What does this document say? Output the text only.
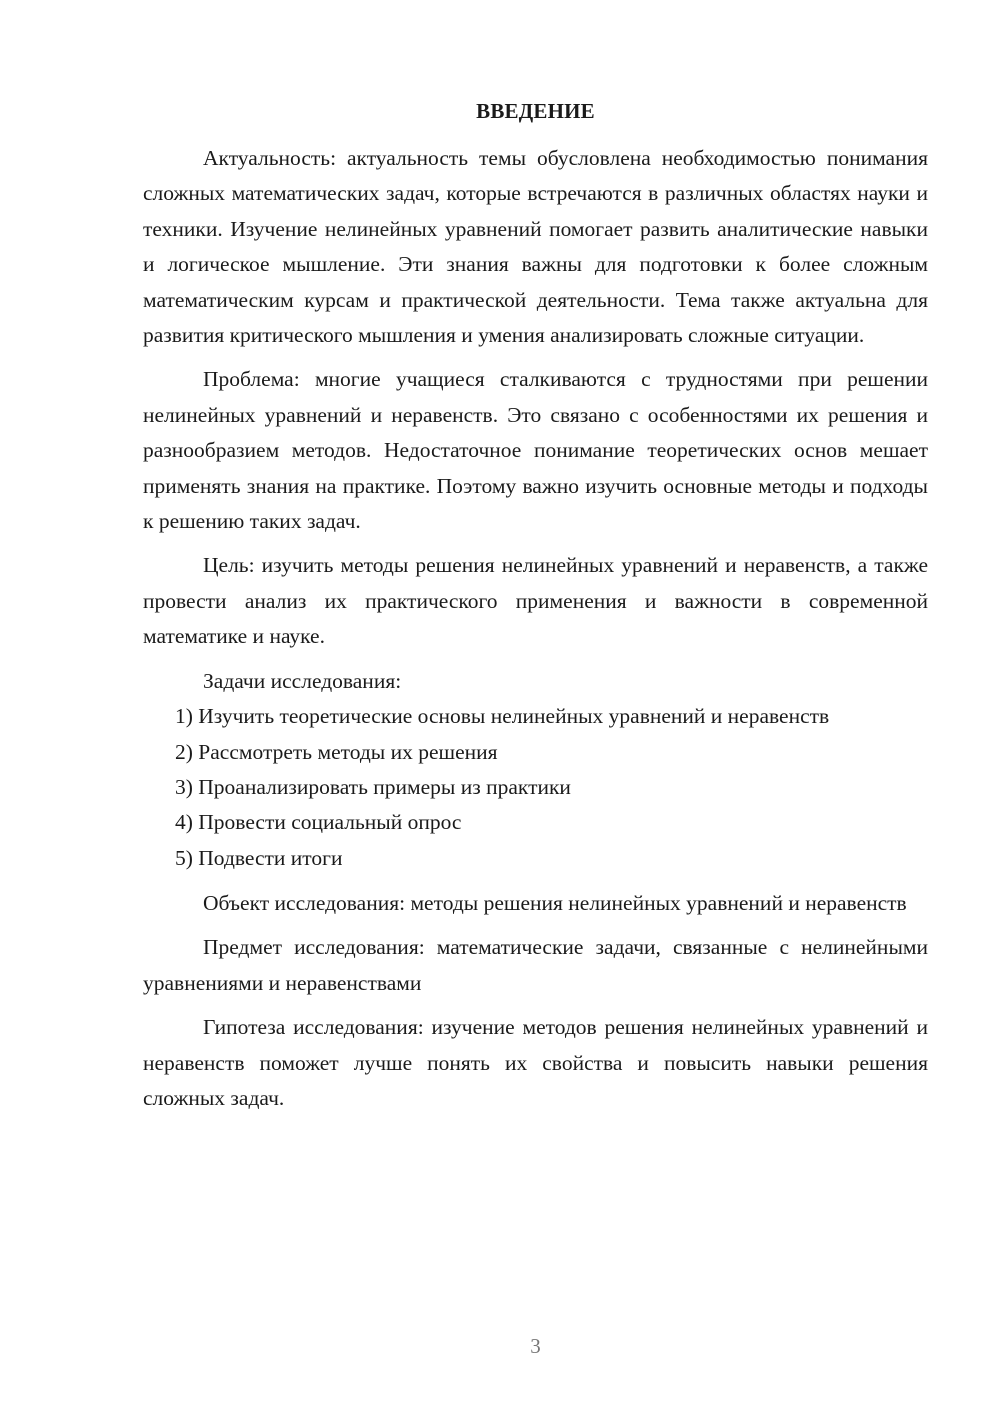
ВВЕДЕНИЕ

Актуальность: актуальность темы обусловлена необходимостью понимания сложных математических задач, которые встречаются в различных областях науки и техники. Изучение нелинейных уравнений помогает развить аналитические навыки и логическое мышление. Эти знания важны для подготовки к более сложным математическим курсам и практической деятельности. Тема также актуальна для развития критического мышления и умения анализировать сложные ситуации.

Проблема: многие учащиеся сталкиваются с трудностями при решении нелинейных уравнений и неравенств. Это связано с особенностями их решения и разнообразием методов. Недостаточное понимание теоретических основ мешает применять знания на практике. Поэтому важно изучить основные методы и подходы к решению таких задач.

Цель: изучить методы решения нелинейных уравнений и неравенств, а также провести анализ их практического применения и важности в современной математике и науке.

Задачи исследования:

1) Изучить теоретические основы нелинейных уравнений и неравенств

2) Рассмотреть методы их решения

3) Проанализировать примеры из практики

4) Провести социальный опрос

5) Подвести итоги

Объект исследования: методы решения нелинейных уравнений и неравенств

Предмет исследования: математические задачи, связанные с нелинейными уравнениями и неравенствами

Гипотеза исследования: изучение методов решения нелинейных уравнений и неравенств поможет лучше понять их свойства и повысить навыки решения сложных задач.

3
